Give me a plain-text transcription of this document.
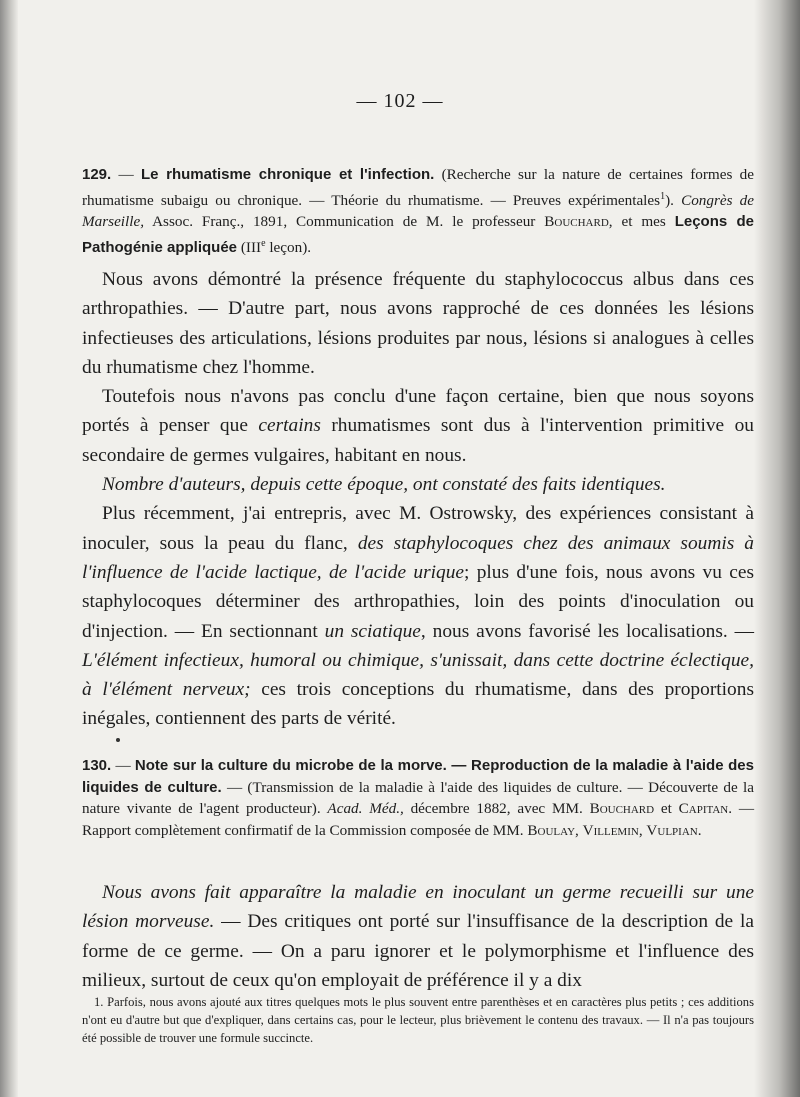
— 102 —
129. — Le rhumatisme chronique et l'infection. (Recherche sur la nature de certaines formes de rhumatisme subaigu ou chronique. — Théorie du rhumatisme. — Preuves expérimentales$^1$). Congrès de Marseille, Assoc. Franç., 1891, Communication de M. le professeur Bouchard, et mes Leçons de Pathogénie appliquée (IIIe leçon).

Nous avons démontré la présence fréquente du staphylococcus albus dans ces arthropathies. — D'autre part, nous avons rapproché de ces données les lésions infectieuses des articulations, lésions produites par nous, lésions si analogues à celles du rhumatisme chez l'homme.

Toutefois nous n'avons pas conclu d'une façon certaine, bien que nous soyons portés à penser que certains rhumatismes sont dus à l'intervention primitive ou secondaire de germes vulgaires, habitant en nous.

Nombre d'auteurs, depuis cette époque, ont constaté des faits identiques.

Plus récemment, j'ai entrepris, avec M. Ostrowsky, des expériences consistant à inoculer, sous la peau du flanc, des staphylocoques chez des animaux soumis à l'influence de l'acide lactique, de l'acide urique; plus d'une fois, nous avons vu ces staphylocoques déterminer des arthropathies, loin des points d'inoculation ou d'injection. — En sectionnant un sciatique, nous avons favorisé les localisations. — L'élément infectieux, humoral ou chimique, s'unissait, dans cette doctrine éclectique, à l'élément nerveux; ces trois conceptions du rhumatisme, dans des proportions inégales, contiennent des parts de vérité.

130. — Note sur la culture du microbe de la morve. — Reproduction de la maladie à l'aide des liquides de culture. — (Transmission de la maladie à l'aide des liquides de culture. — Découverte de la nature vivante de l'agent producteur). Acad. Méd., décembre 1882, avec MM. Bouchard et Capitan. — Rapport complètement confirmatif de la Commission composée de MM. Boulay, Villemin, Vulpian.

Nous avons fait apparaître la maladie en inoculant un germe recueilli sur une lésion morveuse. — Des critiques ont porté sur l'insuffisance de la description de la forme de ce germe. — On a paru ignorer et le polymorphisme et l'influence des milieux, surtout de ceux qu'on employait de préférence il y a dix

1. Parfois, nous avons ajouté aux titres quelques mots le plus souvent entre parenthèses et en caractères plus petits ; ces additions n'ont eu d'autre but que d'expliquer, dans certains cas, pour le lecteur, plus brièvement le contenu des travaux. — Il n'a pas toujours été possible de trouver une formule succincte.
